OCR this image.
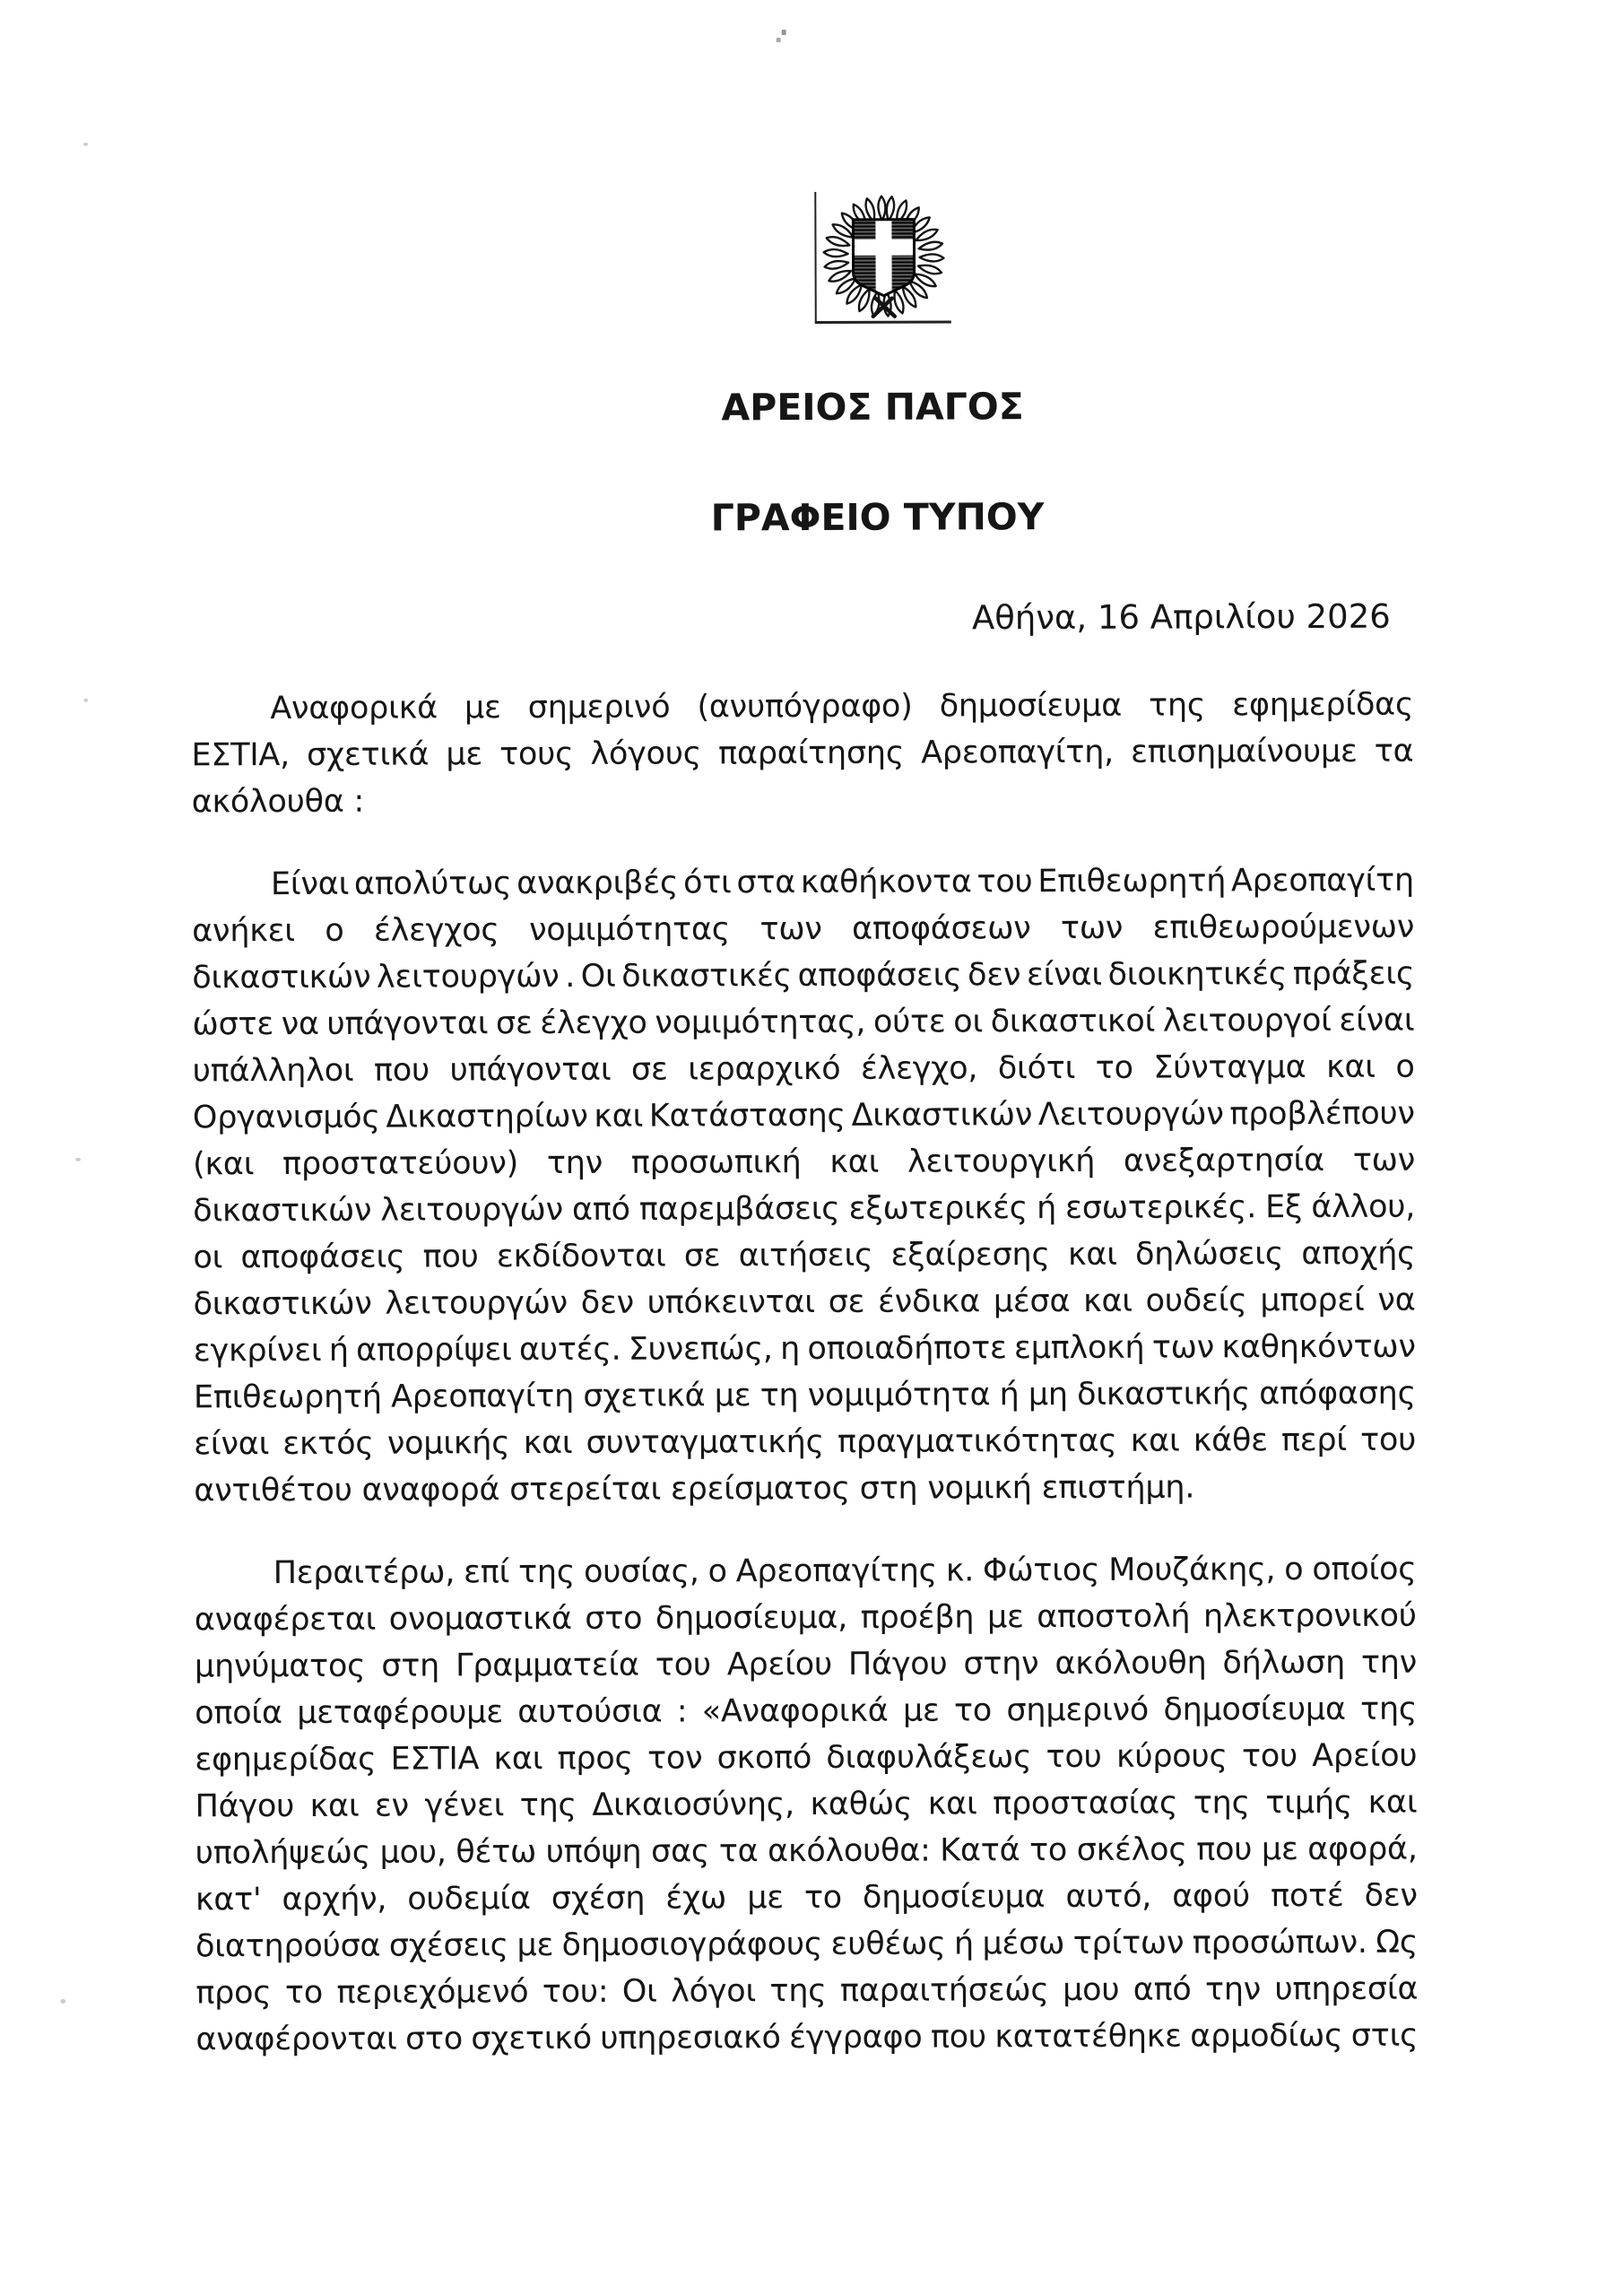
ΑΡΕΙΟΣ ΠΑΓΟΣ
ΓΡΑΦΕΙΟ ΤΥΠΟΥ
Αθήνα, 16 Απριλίου 2026
Αναφορικά με σημερινό (ανυπόγραφο) δημοσίευμα της εφημερίδας
ΕΣΤΙΑ, σχετικά με τους λόγους παραίτησης Αρεοπαγίτη, επισημαίνουμε τα
ακόλουθα :
Είναι απολύτως ανακριβές ότι στα καθήκοντα του Επιθεωρητή Αρεοπαγίτη
ανήκει ο έλεγχος νομιμότητας των αποφάσεων των επιθεωρούμενων
δικαστικών λειτουργών . Οι δικαστικές αποφάσεις δεν είναι διοικητικές πράξεις
ώστε να υπάγονται σε έλεγχο νομιμότητας, ούτε οι δικαστικοί λειτουργοί είναι
υπάλληλοι που υπάγονται σε ιεραρχικό έλεγχο, διότι το Σύνταγμα και ο
Οργανισμός Δικαστηρίων και Κατάστασης Δικαστικών Λειτουργών προβλέπουν
(και προστατεύουν) την προσωπική και λειτουργική ανεξαρτησία των
δικαστικών λειτουργών από παρεμβάσεις εξωτερικές ή εσωτερικές. Εξ άλλου,
οι αποφάσεις που εκδίδονται σε αιτήσεις εξαίρεσης και δηλώσεις αποχής
δικαστικών λειτουργών δεν υπόκεινται σε ένδικα μέσα και ουδείς μπορεί να
εγκρίνει ή απορρίψει αυτές. Συνεπώς, η οποιαδήποτε εμπλοκή των καθηκόντων
Επιθεωρητή Αρεοπαγίτη σχετικά με τη νομιμότητα ή μη δικαστικής απόφασης
είναι εκτός νομικής και συνταγματικής πραγματικότητας και κάθε περί του
αντιθέτου αναφορά στερείται ερείσματος στη νομική επιστήμη.
Περαιτέρω, επί της ουσίας, ο Αρεοπαγίτης κ. Φώτιος Μουζάκης, ο οποίος
αναφέρεται ονομαστικά στο δημοσίευμα, προέβη με αποστολή ηλεκτρονικού
μηνύματος στη Γραμματεία του Αρείου Πάγου στην ακόλουθη δήλωση την
οποία μεταφέρουμε αυτούσια : «Αναφορικά με το σημερινό δημοσίευμα της
εφημερίδας ΕΣΤΙΑ και προς τον σκοπό διαφυλάξεως του κύρους του Αρείου
Πάγου και εν γένει της Δικαιοσύνης, καθώς και προστασίας της τιμής και
υπολήψεώς μου, θέτω υπόψη σας τα ακόλουθα: Κατά το σκέλος που με αφορά,
κατ' αρχήν, ουδεμία σχέση έχω με το δημοσίευμα αυτό, αφού ποτέ δεν
διατηρούσα σχέσεις με δημοσιογράφους ευθέως ή μέσω τρίτων προσώπων. Ως
προς το περιεχόμενό του: Οι λόγοι της παραιτήσεώς μου από την υπηρεσία
αναφέρονται στο σχετικό υπηρεσιακό έγγραφο που κατατέθηκε αρμοδίως στις
